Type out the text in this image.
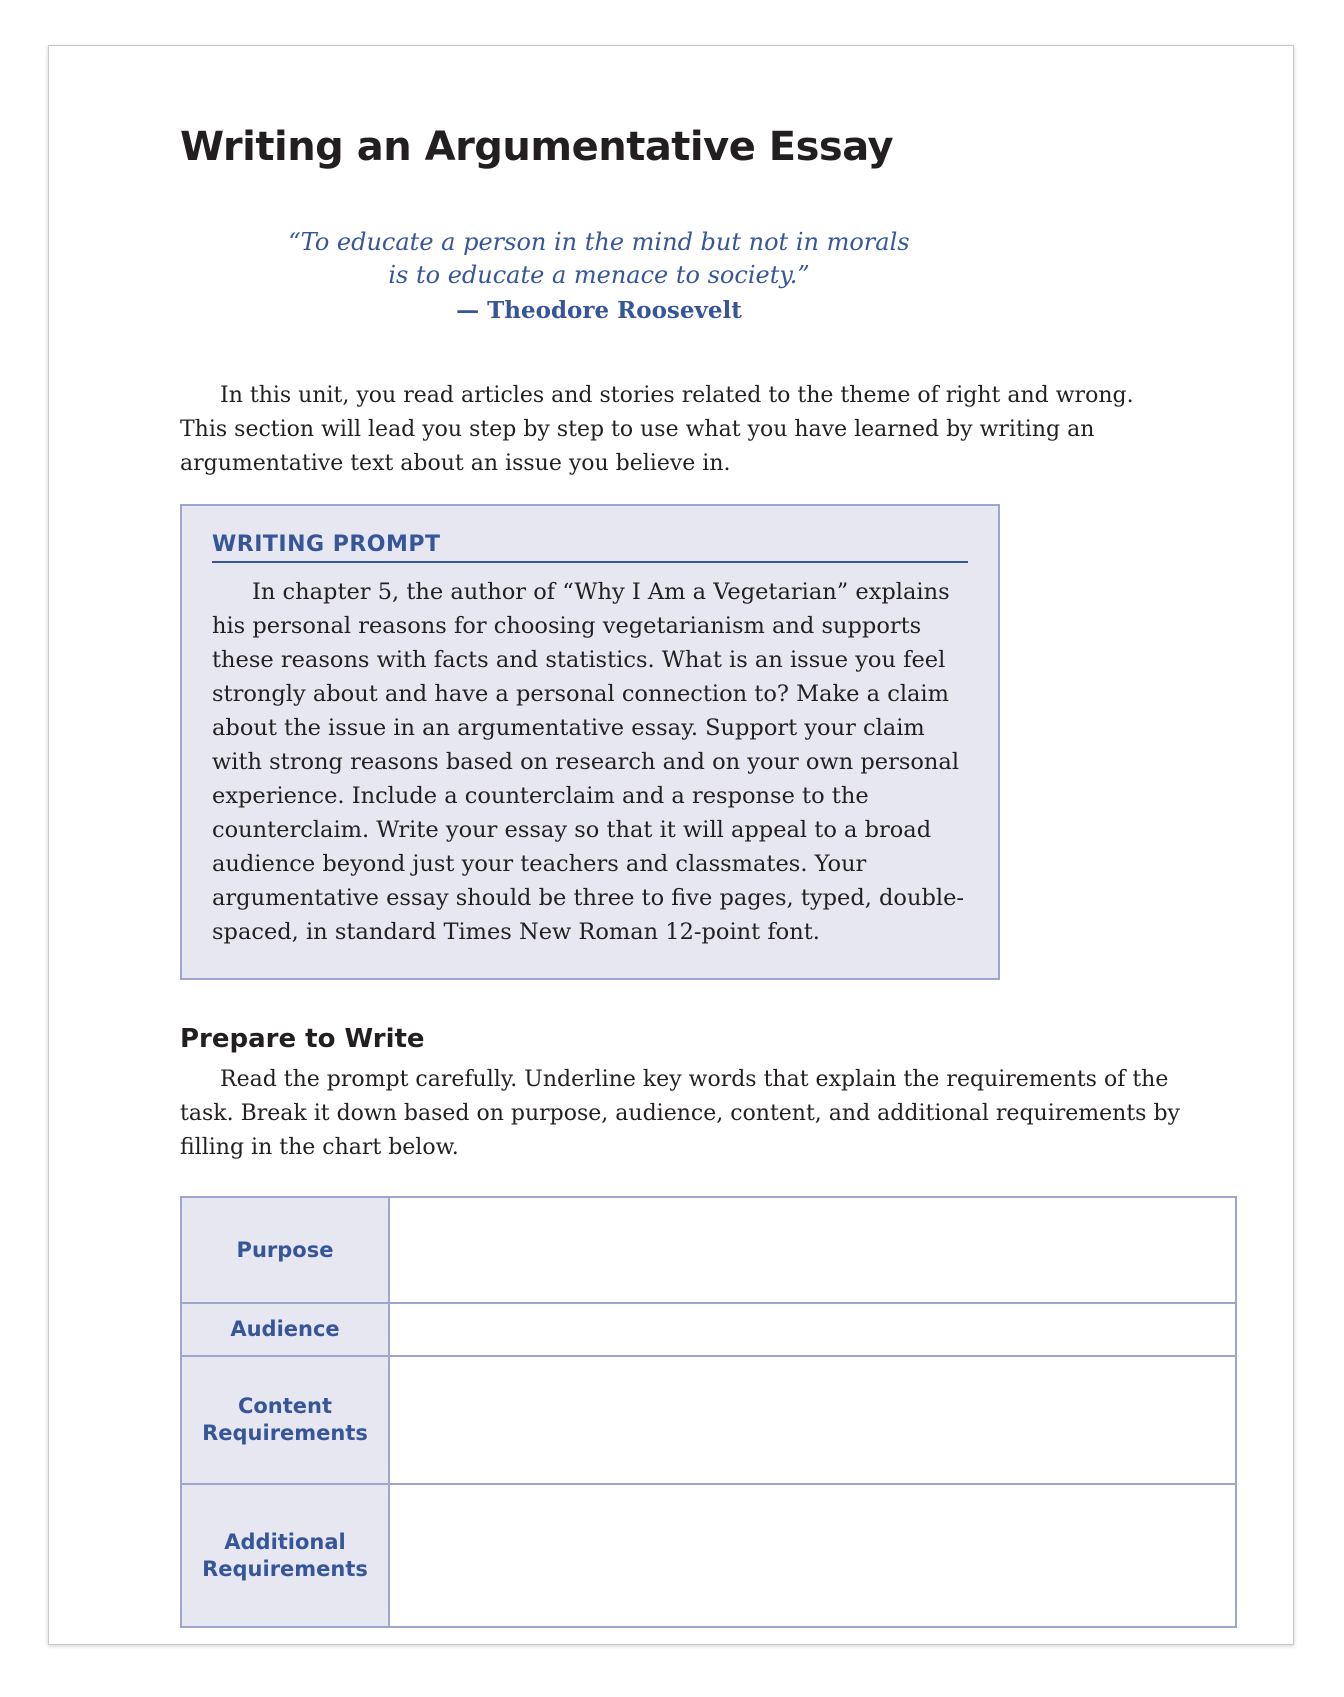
Writing an Argumentative Essay

“To educate a person in the mind but not in morals is to educate a menace to society.”

— Theodore Roosevelt

In this unit, you read articles and stories related to the theme of right and wrong. This section will lead you step by step to use what you have learned by writing an argumentative text about an issue you believe in.

WRITING PROMPT

In chapter 5, the author of “Why I Am a Vegetarian” explains his personal reasons for choosing vegetarianism and supports these reasons with facts and statistics. What is an issue you feel strongly about and have a personal connection to? Make a claim about the issue in an argumentative essay. Support your claim with strong reasons based on research and on your own personal experience. Include a counterclaim and a response to the counterclaim. Write your essay so that it will appeal to a broad audience beyond just your teachers and classmates. Your argumentative essay should be three to five pages, typed, double-spaced, in standard Times New Roman 12-point font.

Prepare to Write

Read the prompt carefully. Underline key words that explain the requirements of the task. Break it down based on purpose, audience, content, and additional requirements by filling in the chart below.

Purpose	
Audience	
Content Requirements	
Additional Requirements	
